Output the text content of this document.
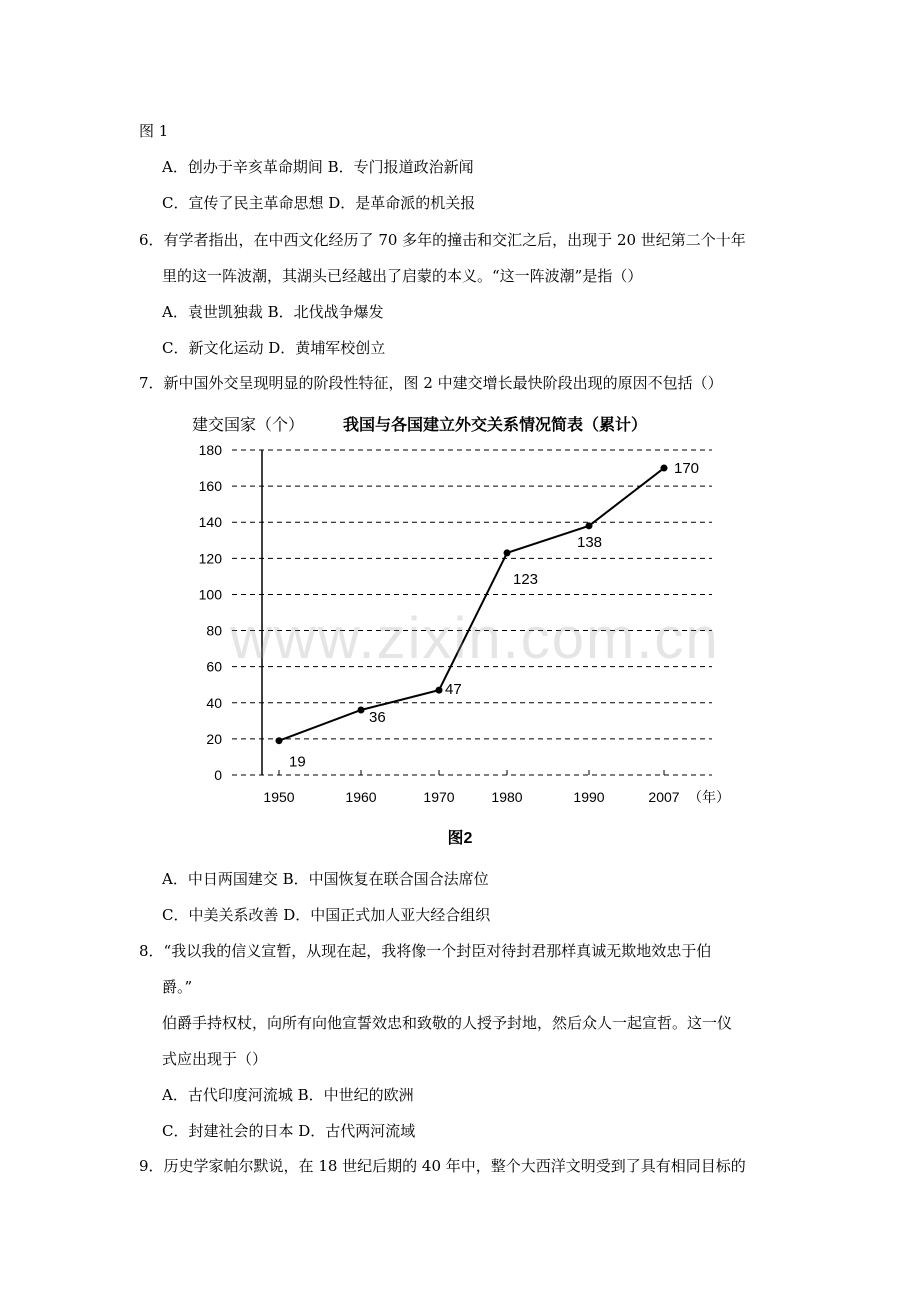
图 1
A．创办于辛亥革命期间 B．专门报道政治新闻
C．宣传了民主革命思想 D．是革命派的机关报
6．有学者指出，在中西文化经历了 70 多年的撞击和交汇之后，出现于 20 世纪第二个十年
里的这一阵波潮，其湖头已经越出了启蒙的本义。“这一阵波潮”是指（）
A．袁世凯独裁 B．北伐战争爆发
C．新文化运动 D．黄埔军校创立
7．新中国外交呈现明显的阶段性特征，图 2 中建交增长最快阶段出现的原因不包括（）
建交国家（个） 我国与各国建立外交关系情况简表（累计）
0
20
40
60
80
100
120
140
160
180
1950	1960	1970	1980	1990	2007 （年）
19
36
47
123
138
170
图2
www.zixin.com.cn
A．中日两国建交 B．中国恢复在联合国合法席位
C．中美关系改善 D．中国正式加人亚大经合组织
8．“我以我的信义宣暂，从现在起，我将像一个封臣对待封君那样真诚无欺地效忠于伯
爵。”
伯爵手持权杖，向所有向他宣誓效忠和致敬的人授予封地，然后众人一起宣哲。这一仪
式应出现于（）
A．古代印度河流城 B．中世纪的欧洲
C．封建社会的日本 D．古代两河流域
9．历史学家帕尔默说，在 18 世纪后期的 40 年中，整个大西洋文明受到了具有相同目标的
